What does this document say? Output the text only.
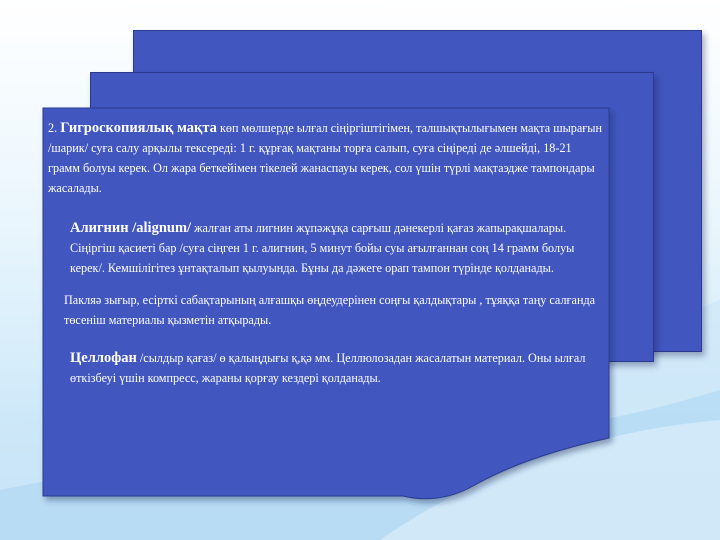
2. Гигроскопиялық мақта көп мөлшерде ылғал сіңіргіштігімен, талшықтылығымен мақта шырағын /шарик/ суға салу арқылы тексереді: 1 г. құрғақ мақтаны торға салып, суға сіңіреді де әлшейді, 18-21 грамм болуы керек. Ол жара беткейімен тікелей жанаспауы керек, сол үшін түрлі мақтаэдже тампондары жасалады.

Алигнин /alignum/ жалған аты лигнин жұпәжұқа сарғыш дәнекерлі қағаз жапырақшалары. Сіңіргіш қасиеті бар /суға сіңген 1 г. алигнин, 5 минут бойы суы ағылғаннан соң 14 грамм болуы керек/. Кемшілігітез ұнтақталып қылуында. Бұны да дәжеге орап тампон түрінде қолданады.

Пакляә зығыр, есірткі сабақтарының алғашқы өңдеудерінен соңғы қалдықтары , тұяққа таңу салғанда төсеніш материалы қызметін атқырады.

Целлофан /сылдыр қағаз/ ө қалыңдығы қ,қә мм. Целлюлозадан жасалатын материал. Оны ылғал өткізбеуі үшін компресс, жараны қорғау кездері қолданады.
